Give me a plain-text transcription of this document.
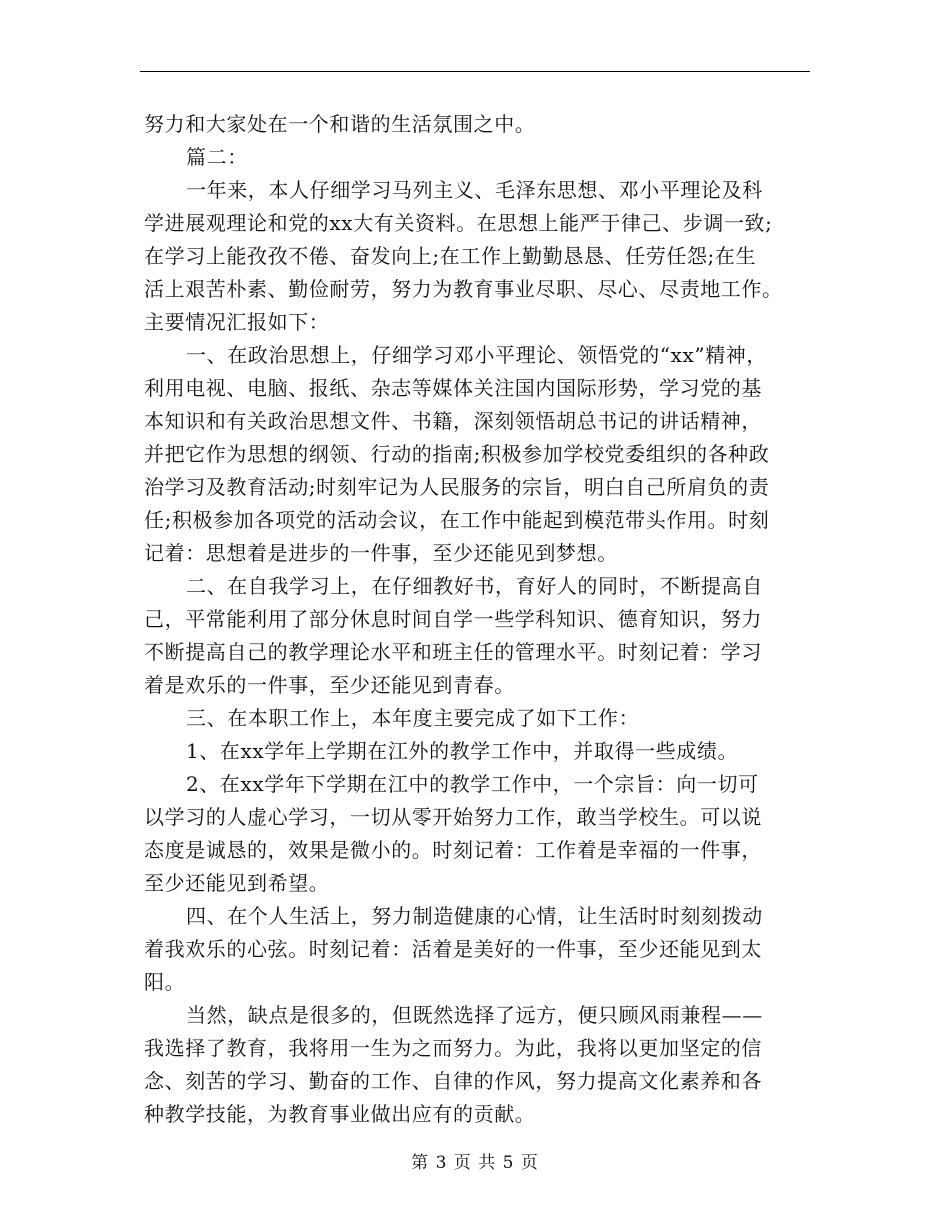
努力和大家处在一个和谐的生活氛围之中。
篇二：
一年来，本人仔细学习马列主义、毛泽东思想、邓小平理论及科
学进展观理论和党的xx大有关资料。在思想上能严于律己、步调一致;
在学习上能孜孜不倦、奋发向上;在工作上勤勤恳恳、任劳任怨;在生
活上艰苦朴素、勤俭耐劳，努力为教育事业尽职、尽心、尽责地工作。
主要情况汇报如下：
一、在政治思想上，仔细学习邓小平理论、领悟党的“xx”精神，
利用电视、电脑、报纸、杂志等媒体关注国内国际形势，学习党的基
本知识和有关政治思想文件、书籍，深刻领悟胡总书记的讲话精神，
并把它作为思想的纲领、行动的指南;积极参加学校党委组织的各种政
治学习及教育活动;时刻牢记为人民服务的宗旨，明白自己所肩负的责
任;积极参加各项党的活动会议，在工作中能起到模范带头作用。时刻
记着：思想着是进步的一件事，至少还能见到梦想。
二、在自我学习上，在仔细教好书，育好人的同时，不断提高自
己，平常能利用了部分休息时间自学一些学科知识、德育知识，努力
不断提高自己的教学理论水平和班主任的管理水平。时刻记着：学习
着是欢乐的一件事，至少还能见到青春。
三、在本职工作上，本年度主要完成了如下工作：
1、在xx学年上学期在江外的教学工作中，并取得一些成绩。
2、在xx学年下学期在江中的教学工作中，一个宗旨：向一切可
以学习的人虚心学习，一切从零开始努力工作，敢当学校生。可以说
态度是诚恳的，效果是微小的。时刻记着：工作着是幸福的一件事，
至少还能见到希望。
四、在个人生活上，努力制造健康的心情，让生活时时刻刻拨动
着我欢乐的心弦。时刻记着：活着是美好的一件事，至少还能见到太
阳。
当然，缺点是很多的，但既然选择了远方，便只顾风雨兼程——
我选择了教育，我将用一生为之而努力。为此，我将以更加坚定的信
念、刻苦的学习、勤奋的工作、自律的作风，努力提高文化素养和各
种教学技能，为教育事业做出应有的贡献。
第 3 页 共 5 页
